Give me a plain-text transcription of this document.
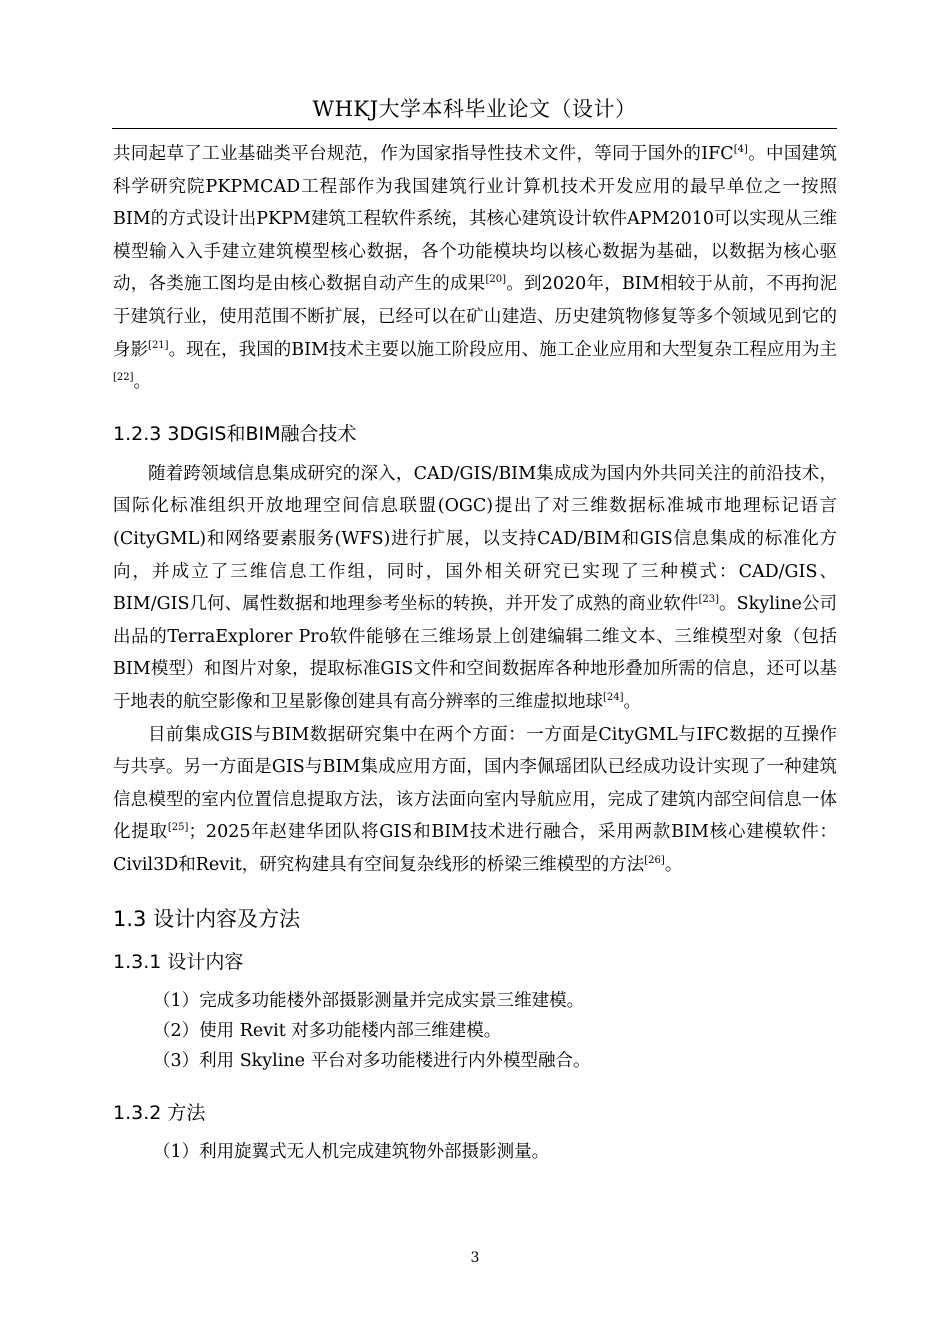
WHKJ大学本科毕业论文（设计）

共同起草了工业基础类平台规范，作为国家指导性技术文件，等同于国外的IFC[4]。中国建筑科学研究院PKPMCAD工程部作为我国建筑行业计算机技术开发应用的最早单位之一按照BIM的方式设计出PKPM建筑工程软件系统，其核心建筑设计软件APM2010可以实现从三维模型输入入手建立建筑模型核心数据，各个功能模块均以核心数据为基础，以数据为核心驱动，各类施工图均是由核心数据自动产生的成果[20]。到2020年，BIM相较于从前，不再拘泥于建筑行业，使用范围不断扩展，已经可以在矿山建造、历史建筑物修复等多个领域见到它的身影[21]。现在，我国的BIM技术主要以施工阶段应用、施工企业应用和大型复杂工程应用为主[22]。

1.2.3 3DGIS和BIM融合技术

随着跨领域信息集成研究的深入，CAD/GIS/BIM集成成为国内外共同关注的前沿技术，国际化标准组织开放地理空间信息联盟(OGC)提出了对三维数据标准城市地理标记语言(CityGML)和网络要素服务(WFS)进行扩展，以支持CAD/BIM和GIS信息集成的标准化方向，并成立了三维信息工作组，同时，国外相关研究已实现了三种模式：CAD/GIS、BIM/GIS几何、属性数据和地理参考坐标的转换，并开发了成熟的商业软件[23]。Skyline公司出品的TerraExplorer Pro软件能够在三维场景上创建编辑二维文本、三维模型对象（包括BIM模型）和图片对象，提取标准GIS文件和空间数据库各种地形叠加所需的信息，还可以基于地表的航空影像和卫星影像创建具有高分辨率的三维虚拟地球[24]。

目前集成GIS与BIM数据研究集中在两个方面：一方面是CityGML与IFC数据的互操作与共享。另一方面是GIS与BIM集成应用方面，国内李佩瑶团队已经成功设计实现了一种建筑信息模型的室内位置信息提取方法，该方法面向室内导航应用，完成了建筑内部空间信息一体化提取[25]；2025年赵建华团队将GIS和BIM技术进行融合，采用两款BIM核心建模软件：Civil3D和Revit，研究构建具有空间复杂线形的桥梁三维模型的方法[26]。

1.3 设计内容及方法
1.3.1 设计内容

（1）完成多功能楼外部摄影测量并完成实景三维建模。

（2）使用 Revit 对多功能楼内部三维建模。

（3）利用 Skyline 平台对多功能楼进行内外模型融合。

1.3.2 方法

（1）利用旋翼式无人机完成建筑物外部摄影测量。

3
